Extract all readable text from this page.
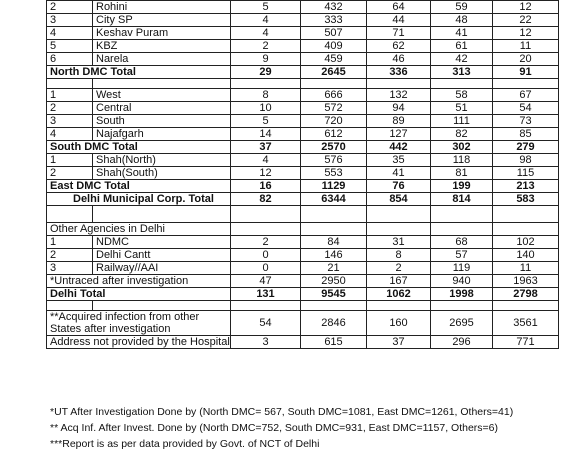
2	Rohini	5	432	64	59	12
3	City SP	4	333	44	48	22
4	Keshav Puram	4	507	71	41	12
5	KBZ	2	409	62	61	11
6	Narela	9	459	46	42	20
North DMC Total		29	2645	336	313	91

1	West	8	666	132	58	67
2	Central	10	572	94	51	54
3	South	5	720	89	111	73
4	Najafgarh	14	612	127	82	85
South DMC Total		37	2570	442	302	279
1	Shah(North)	4	576	35	118	98
2	Shah(South)	12	553	41	81	115
East DMC Total		16	1129	76	199	213
Delhi Municipal Corp. Total		82	6344	854	814	583

Other Agencies in Delhi						
1	NDMC	2	84	31	68	102
2	Delhi Cantt	0	146	8	57	140
3	Railway//AAI	0	21	2	119	11
*Untraced after investigation		47	2950	167	940	1963
Delhi Total		131	9545	1062	1998	2798

**Acquired infection from other States after investigation		54	2846	160	2695	3561
Address not provided by the Hospital		3	615	37	296	771
*UT After Investigation Done by (North DMC= 567, South DMC=1081, East DMC=1261, Others=41)
** Acq Inf. After Invest. Done by (North DMC=752, South DMC=931, East DMC=1157, Others=6)
***Report is as per data provided by Govt. of NCT of Delhi
